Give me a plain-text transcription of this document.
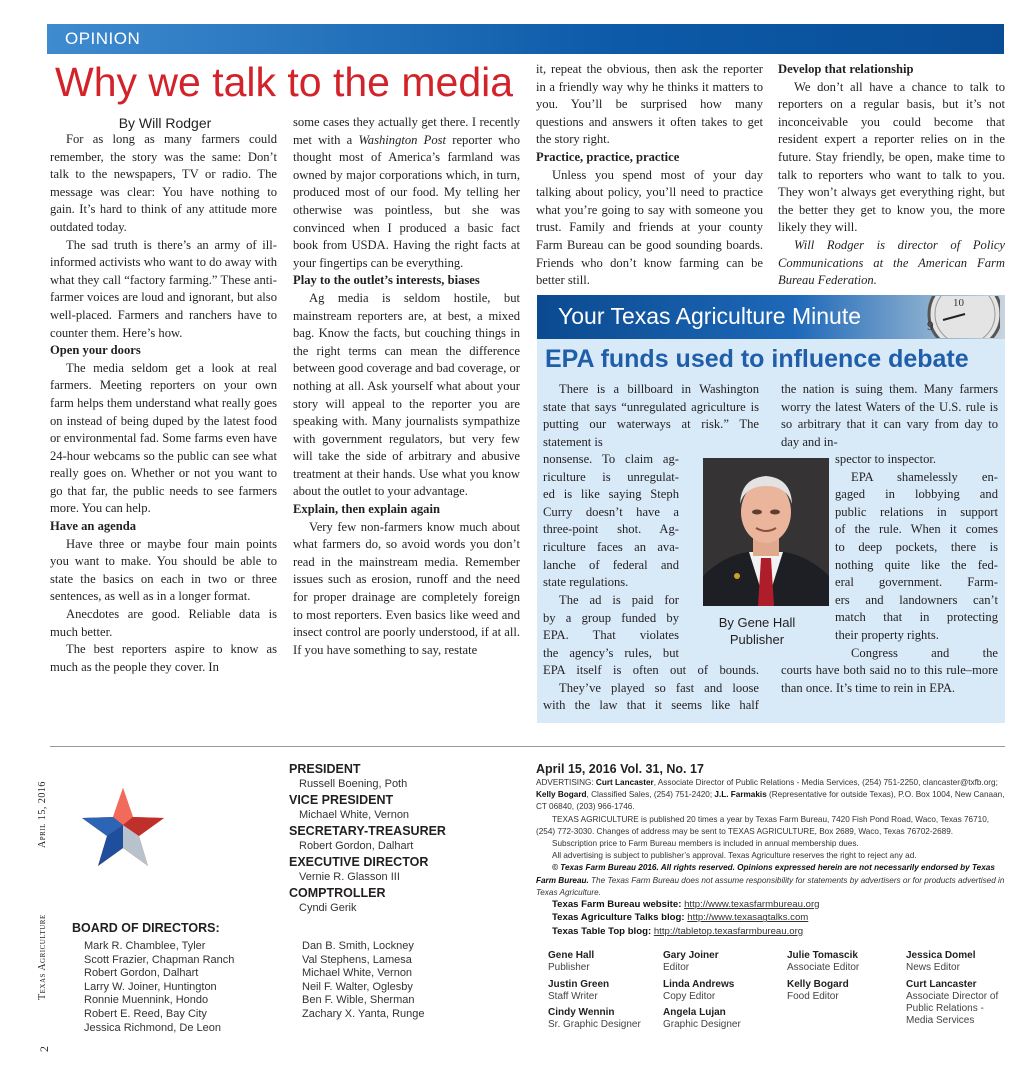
OPINION
Why we talk to the media
By Will Rodger

For as long as many farmers could remember, the story was the same: Don’t talk to the newspapers, TV or radio. The message was clear: You have nothing to gain. It’s hard to think of any attitude more outdated today.

The sad truth is there’s an army of ill-informed activists who want to do away with what they call “factory farming.” These anti-farmer voices are loud and ignorant, but also well-placed. Farmers and ranchers have to counter them. Here’s how.

Open your doors

The media seldom get a look at real farmers. Meeting reporters on your own farm helps them understand what really goes on instead of being duped by the latest food or environmental fad. Some farms even have 24-hour webcams so the public can see what really goes on. Whether or not you want to go that far, the public needs to see farmers more. You can help.

Have an agenda

Have three or maybe four main points you want to make. You should be able to state the basics on each in two or three sentences, as well as in a longer format.

Anecdotes are good. Reliable data is much better.

The best reporters aspire to know as much as the people they cover. In

some cases they actually get there. I recently met with a Washington Post reporter who thought most of America’s farmland was owned by major corporations which, in turn, produced most of our food. My telling her otherwise was pointless, but she was convinced when I produced a basic fact book from USDA. Having the right facts at your fingertips can be everything.

Play to the outlet’s interests, biases

Ag media is seldom hostile, but mainstream reporters are, at best, a mixed bag. Know the facts, but couching things in the right terms can mean the difference between good coverage and bad coverage, or nothing at all. Ask yourself what about your story will appeal to the reporter you are speaking with. Many journalists sympathize with government regulators, but very few will take the side of arbitrary and abusive treatment at their hands. Use what you know about the outlet to your advantage.

Explain, then explain again

Very few non-farmers know much about what farmers do, so avoid words you don’t read in the mainstream media. Remember issues such as erosion, runoff and the need for proper drainage are completely foreign to most reporters. Even basics like weed and insect control are poorly understood, if at all. If you have something to say, restate

it, repeat the obvious, then ask the reporter in a friendly way why he thinks it matters to you. You’ll be surprised how many questions and answers it often takes to get the story right.

Practice, practice, practice

Unless you spend most of your day talking about policy, you’ll need to practice what you’re going to say with someone you trust. Family and friends at your county Farm Bureau can be good sounding boards. Friends who don’t know farming can be better still.

Develop that relationship

We don’t all have a chance to talk to reporters on a regular basis, but it’s not inconceivable you could become that resident expert a reporter relies on in the future. Stay friendly, be open, make time to talk to reporters who want to talk to you. They won’t always get everything right, but the better they get to know you, the more likely they will.

Will Rodger is director of Policy Communications at the American Farm Bureau Federation.

9
10
Your Texas Agriculture Minute
EPA funds used to influence debate

There is a billboard in Washington state that says “unregulated agriculture is putting our waterways at risk.” The statement is

nonsense. To claim ag-
riculture is unregulat-
ed is like saying Steph
Curry doesn’t have a
three-point shot. Ag-
riculture faces an ava-
lanche of federal and
state regulations.

the nation is suing them. Many farmers worry the latest Waters of the U.S. rule is so arbitrary that it can vary from day to day and in-

spector to inspector.
EPA shamelessly en-
gaged in lobbying and
public relations in support
of the rule. When it comes
to deep pockets, there is
nothing quite like the fed-
eral government. Farm-
ers and landowners can’t
match that in protecting
their property rights.
Congress and the

courts have both said no to this rule–more than once. It’s time to rein in EPA.

By Gene Hall
Publisher
The ad is paid for
by a group funded by
EPA. That violates
the agency’s rules, but
EPA itself is often out of bounds.
They’ve played so fast and loose
with the law that it seems like half
April 15, 2016
Texas Agriculture
2
PRESIDENT
Russell Boening, Poth
VICE PRESIDENT
Michael White, Vernon
SECRETARY-TREASURER
Robert Gordon, Dalhart
EXECUTIVE DIRECTOR
Vernie R. Glasson III
COMPTROLLER
Cyndi Gerik
BOARD OF DIRECTORS:
Mark R. Chamblee, Tyler
Scott Frazier, Chapman Ranch
Robert Gordon, Dalhart
Larry W. Joiner, Huntington
Ronnie Muennink, Hondo
Robert E. Reed, Bay City
Jessica Richmond, De Leon
Dan B. Smith, Lockney
Val Stephens, Lamesa
Michael White, Vernon
Neil F. Walter, Oglesby
Ben F. Wible, Sherman
Zachary X. Yanta, Runge
April 15, 2016 Vol. 31, No. 17
ADVERTISING: Curt Lancaster, Associate Director of Public Relations - Media Services, (254) 751-2250, clancaster@txfb.org; Kelly Bogard, Classified Sales, (254) 751-2420; J.L. Farmakis (Representative for outside Texas), P.O. Box 1004, New Canaan, CT 06840, (203) 966-1746.
TEXAS AGRICULTURE is published 20 times a year by Texas Farm Bureau, 7420 Fish Pond Road, Waco, Texas 76710, (254) 772-3030. Changes of address may be sent to TEXAS AGRICULTURE, Box 2689, Waco, Texas 76702-2689.
Subscription price to Farm Bureau members is included in annual membership dues.
All advertising is subject to publisher’s approval. Texas Agriculture reserves the right to reject any ad.
© Texas Farm Bureau 2016. All rights reserved. Opinions expressed herein are not necessarily endorsed by Texas Farm Bureau. The Texas Farm Bureau does not assume responsibility for statements by advertisers or for products advertised in Texas Agriculture.
Texas Farm Bureau website: http://www.texasfarmbureau.org
Texas Agriculture Talks blog: http://www.texasagtalks.com
Texas Table Top blog: http://tabletop.texasfarmbureau.org
Gene Hall
Publisher
Justin Green
Staff Writer
Cindy Wennin
Sr. Graphic Designer
Gary Joiner
Editor
Linda Andrews
Copy Editor
Angela Lujan
Graphic Designer
Julie Tomascik
Associate Editor
Kelly Bogard
Food Editor
Jessica Domel
News Editor
Curt Lancaster
Associate Director of Public Relations - Media Services
